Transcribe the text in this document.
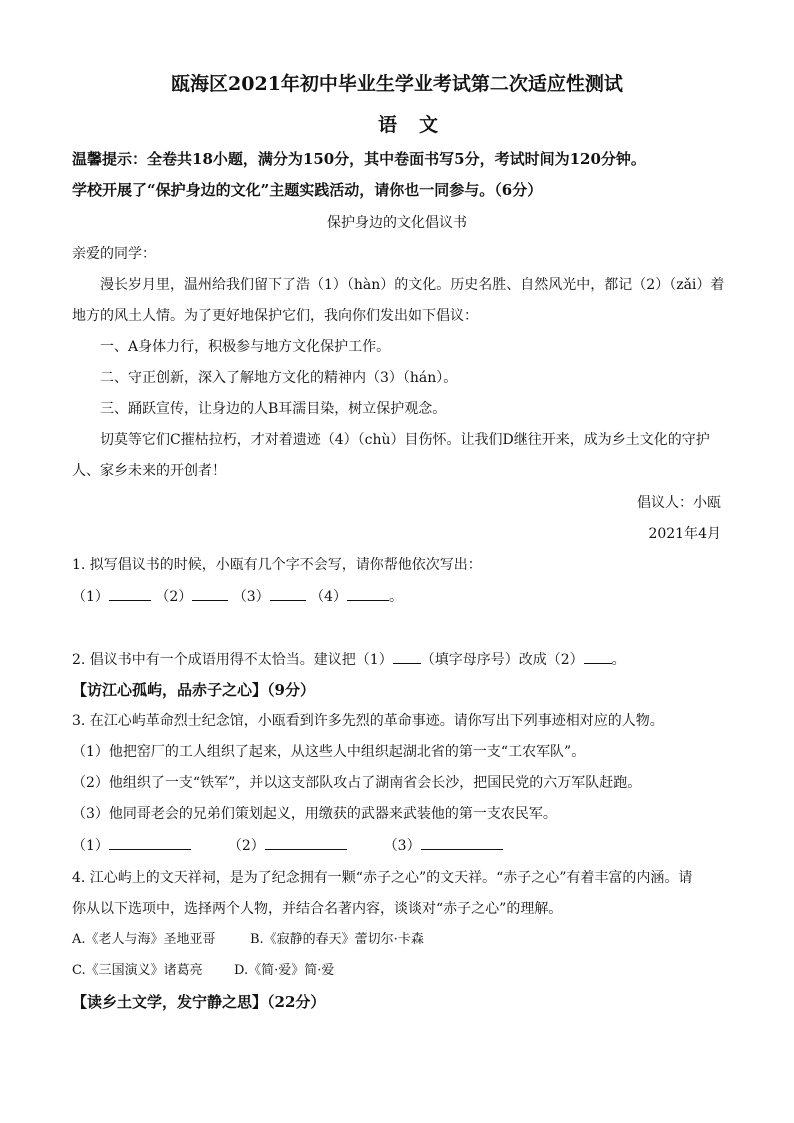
瓯海区2021年初中毕业生学业考试第二次适应性测试
语文
温馨提示：全卷共18小题，满分为150分，其中卷面书写5分，考试时间为120分钟。
学校开展了“保护身边的文化”主题实践活动，请你也一同参与。（6分）
保护身边的文化倡议书
亲爱的同学：
漫长岁月里，温州给我们留下了浩（1）（hàn）的文化。历史名胜、自然风光中，都记（2）（zǎi）着
地方的风土人情。为了更好地保护它们，我向你们发出如下倡议：
一、A身体力行，积极参与地方文化保护工作。
二、守正创新，深入了解地方文化的精神内（3）（hán）。
三、踊跃宣传，让身边的人B耳濡目染，树立保护观念。
切莫等它们C摧枯拉朽，才对着遗迹（4）（chù）目伤怀。让我们D继往开来，成为乡土文化的守护
人、家乡未来的开创者！
倡议人：小瓯
2021年4月
1. 拟写倡议书的时候，小瓯有几个字不会写，请你帮他依次写出：
（1）	（2）	（3）	（4）	。
2. 倡议书中有一个成语用得不太恰当。建议把（1） （填字母序号）改成（2） 。
【访江心孤屿，品赤子之心】（9分）
3. 在江心屿革命烈士纪念馆，小瓯看到许多先烈的革命事迹。请你写出下列事迹相对应的人物。
（1）他把窑厂的工人组织了起来，从这些人中组织起湖北省的第一支“工农军队”。
（2）他组织了一支“铁军”，并以这支部队攻占了湖南省会长沙，把国民党的六万军队赶跑。
（3）他同哥老会的兄弟们策划起义，用缴获的武器来武装他的第一支农民军。
（1）	（2）	（3）
4. 江心屿上的文天祥祠，是为了纪念拥有一颗“赤子之心”的文天祥。“赤子之心”有着丰富的内涵。请
你从以下选项中，选择两个人物，并结合名著内容，谈谈对“赤子之心”的理解。
A.《老人与海》圣地亚哥	B.《寂静的春天》蕾切尔·卡森
C.《三国演义》诸葛亮 D.《简·爱》简·爱
【读乡土文学，发宁静之思】（22分）
